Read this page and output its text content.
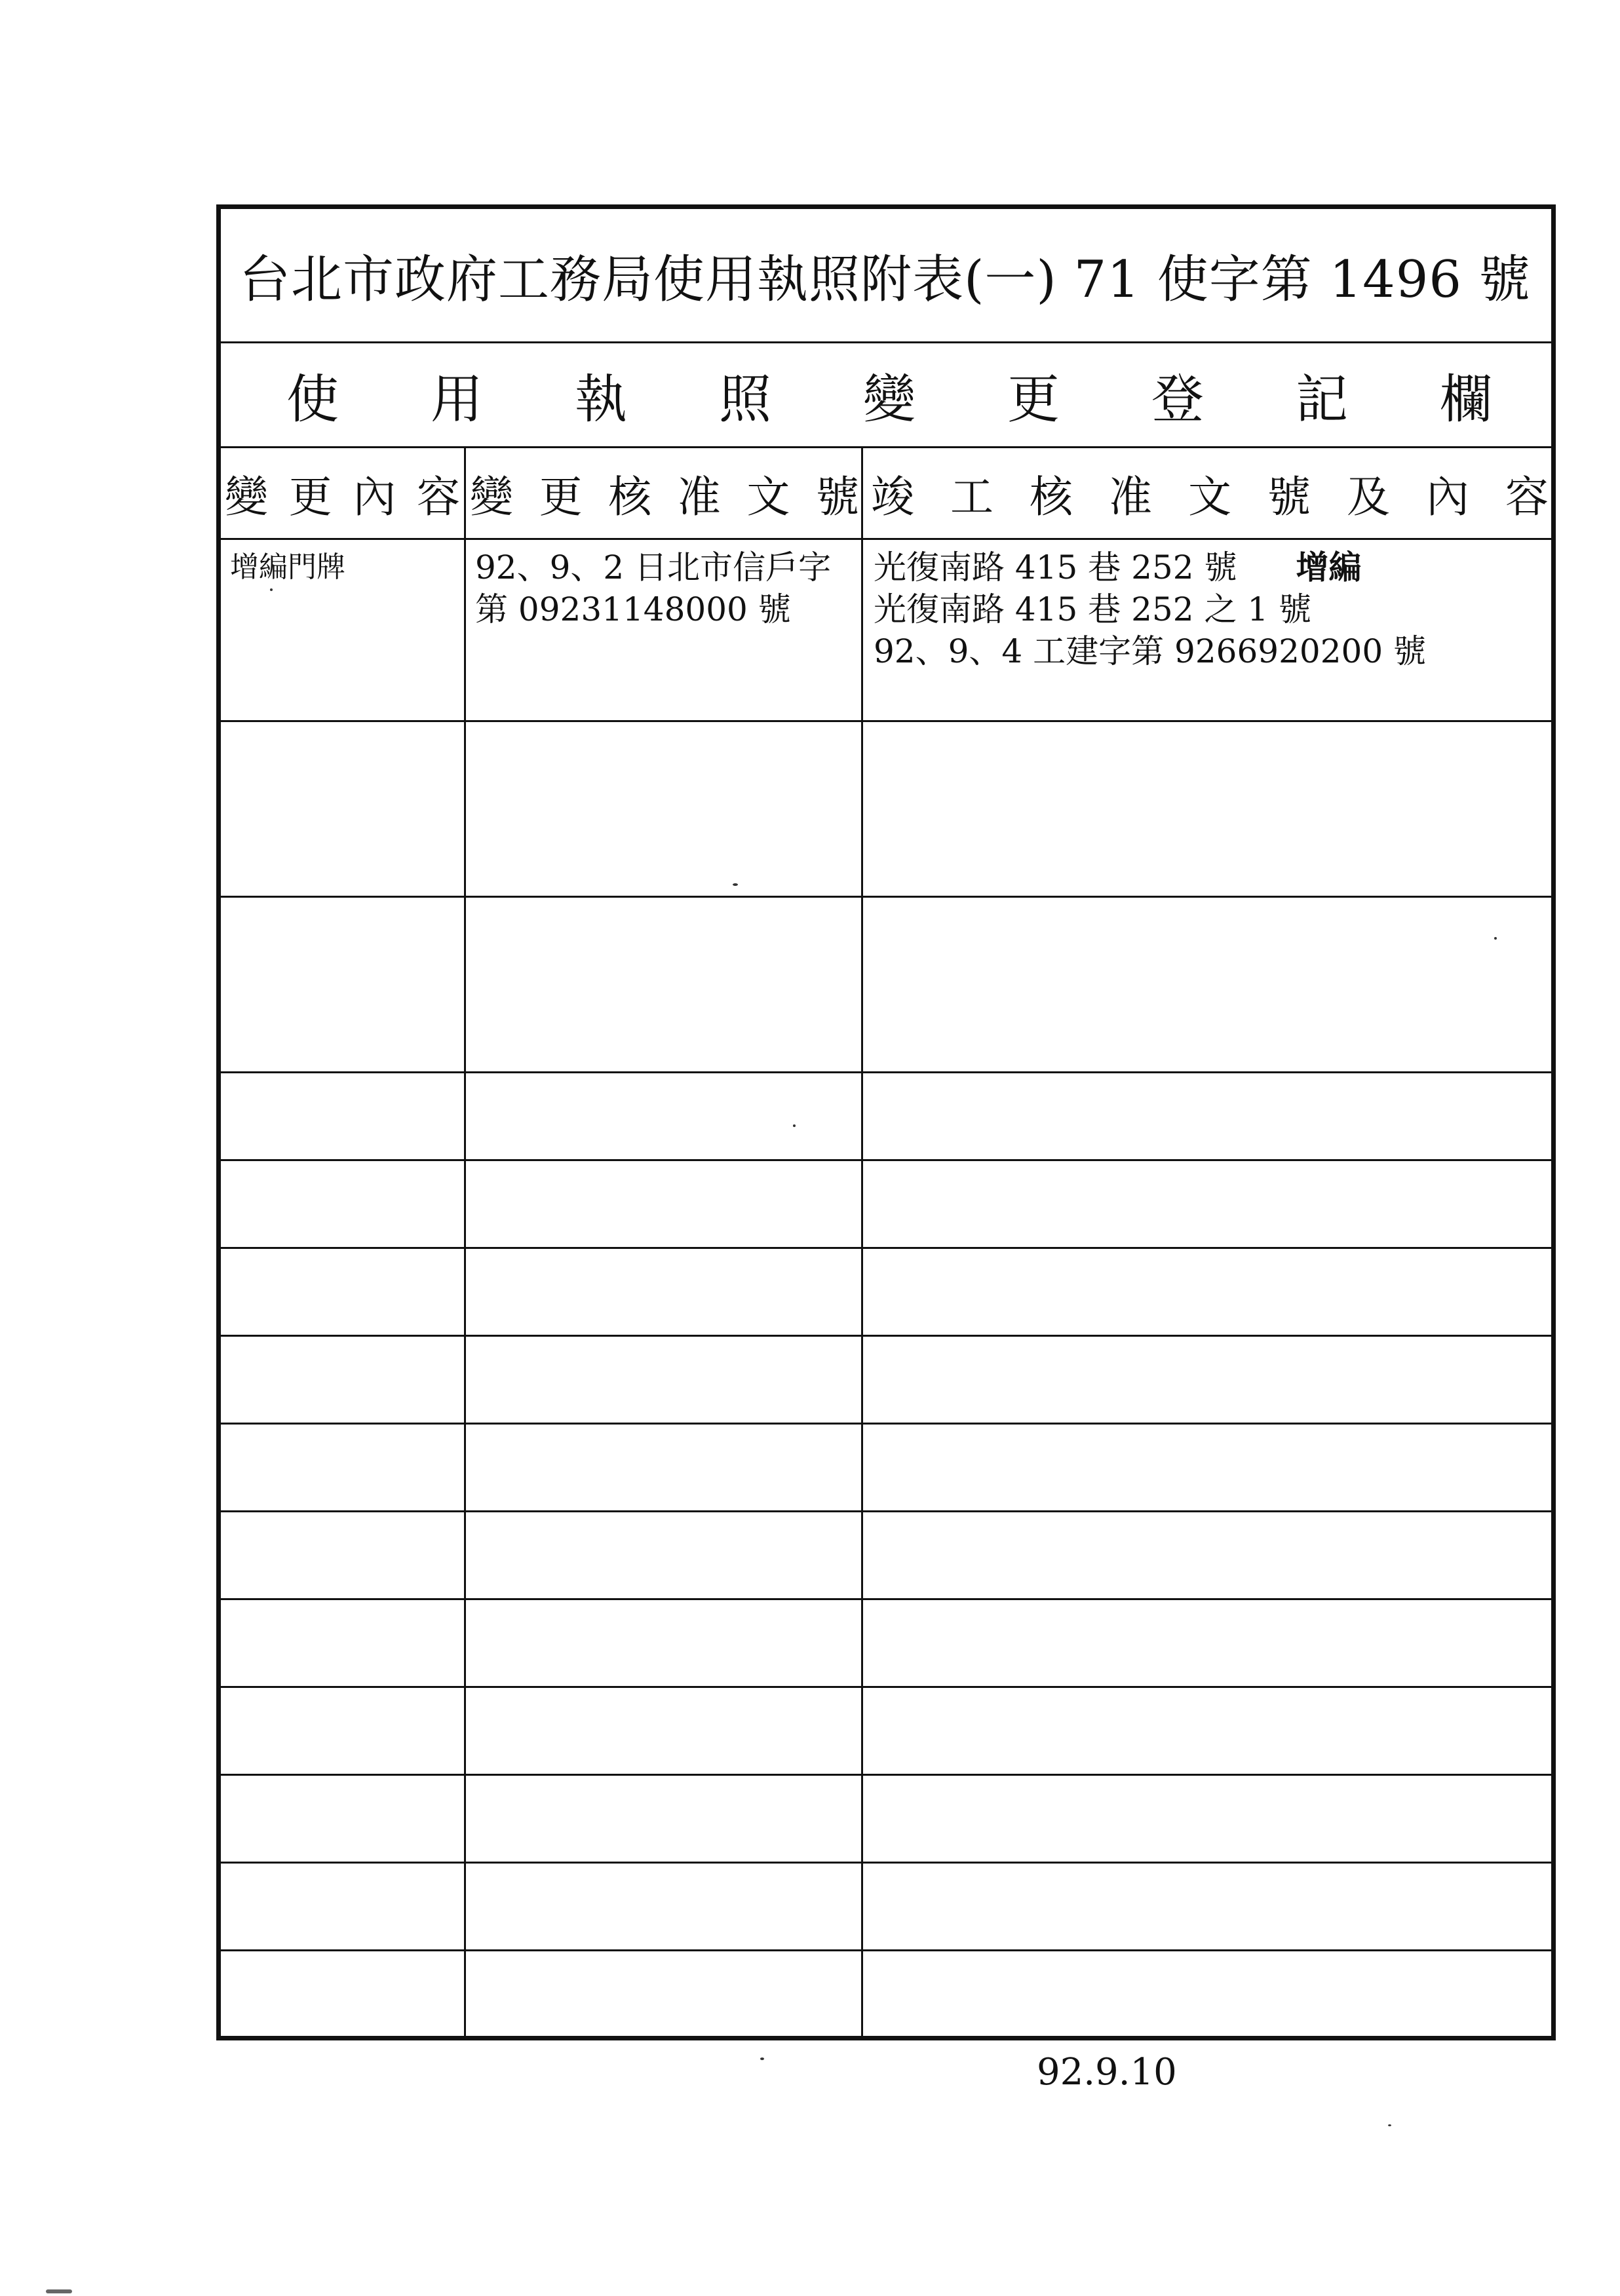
台北市政府工務局使用執照附表(一) 71 使字第 1496 號
使 用 執 照 變 更 登 記 欄
變 更 內 容 變 更 核 准 文 號 竣 工 核 准 文 號 及 內 容
增編門牌	92、9、2 日北市信戶字
第 09231148000 號
光復南路 415 巷 252 號 增編
光復南路 415 巷 252 之 1 號
92、9、4 工建字第 9266920200 號
92.9.10
